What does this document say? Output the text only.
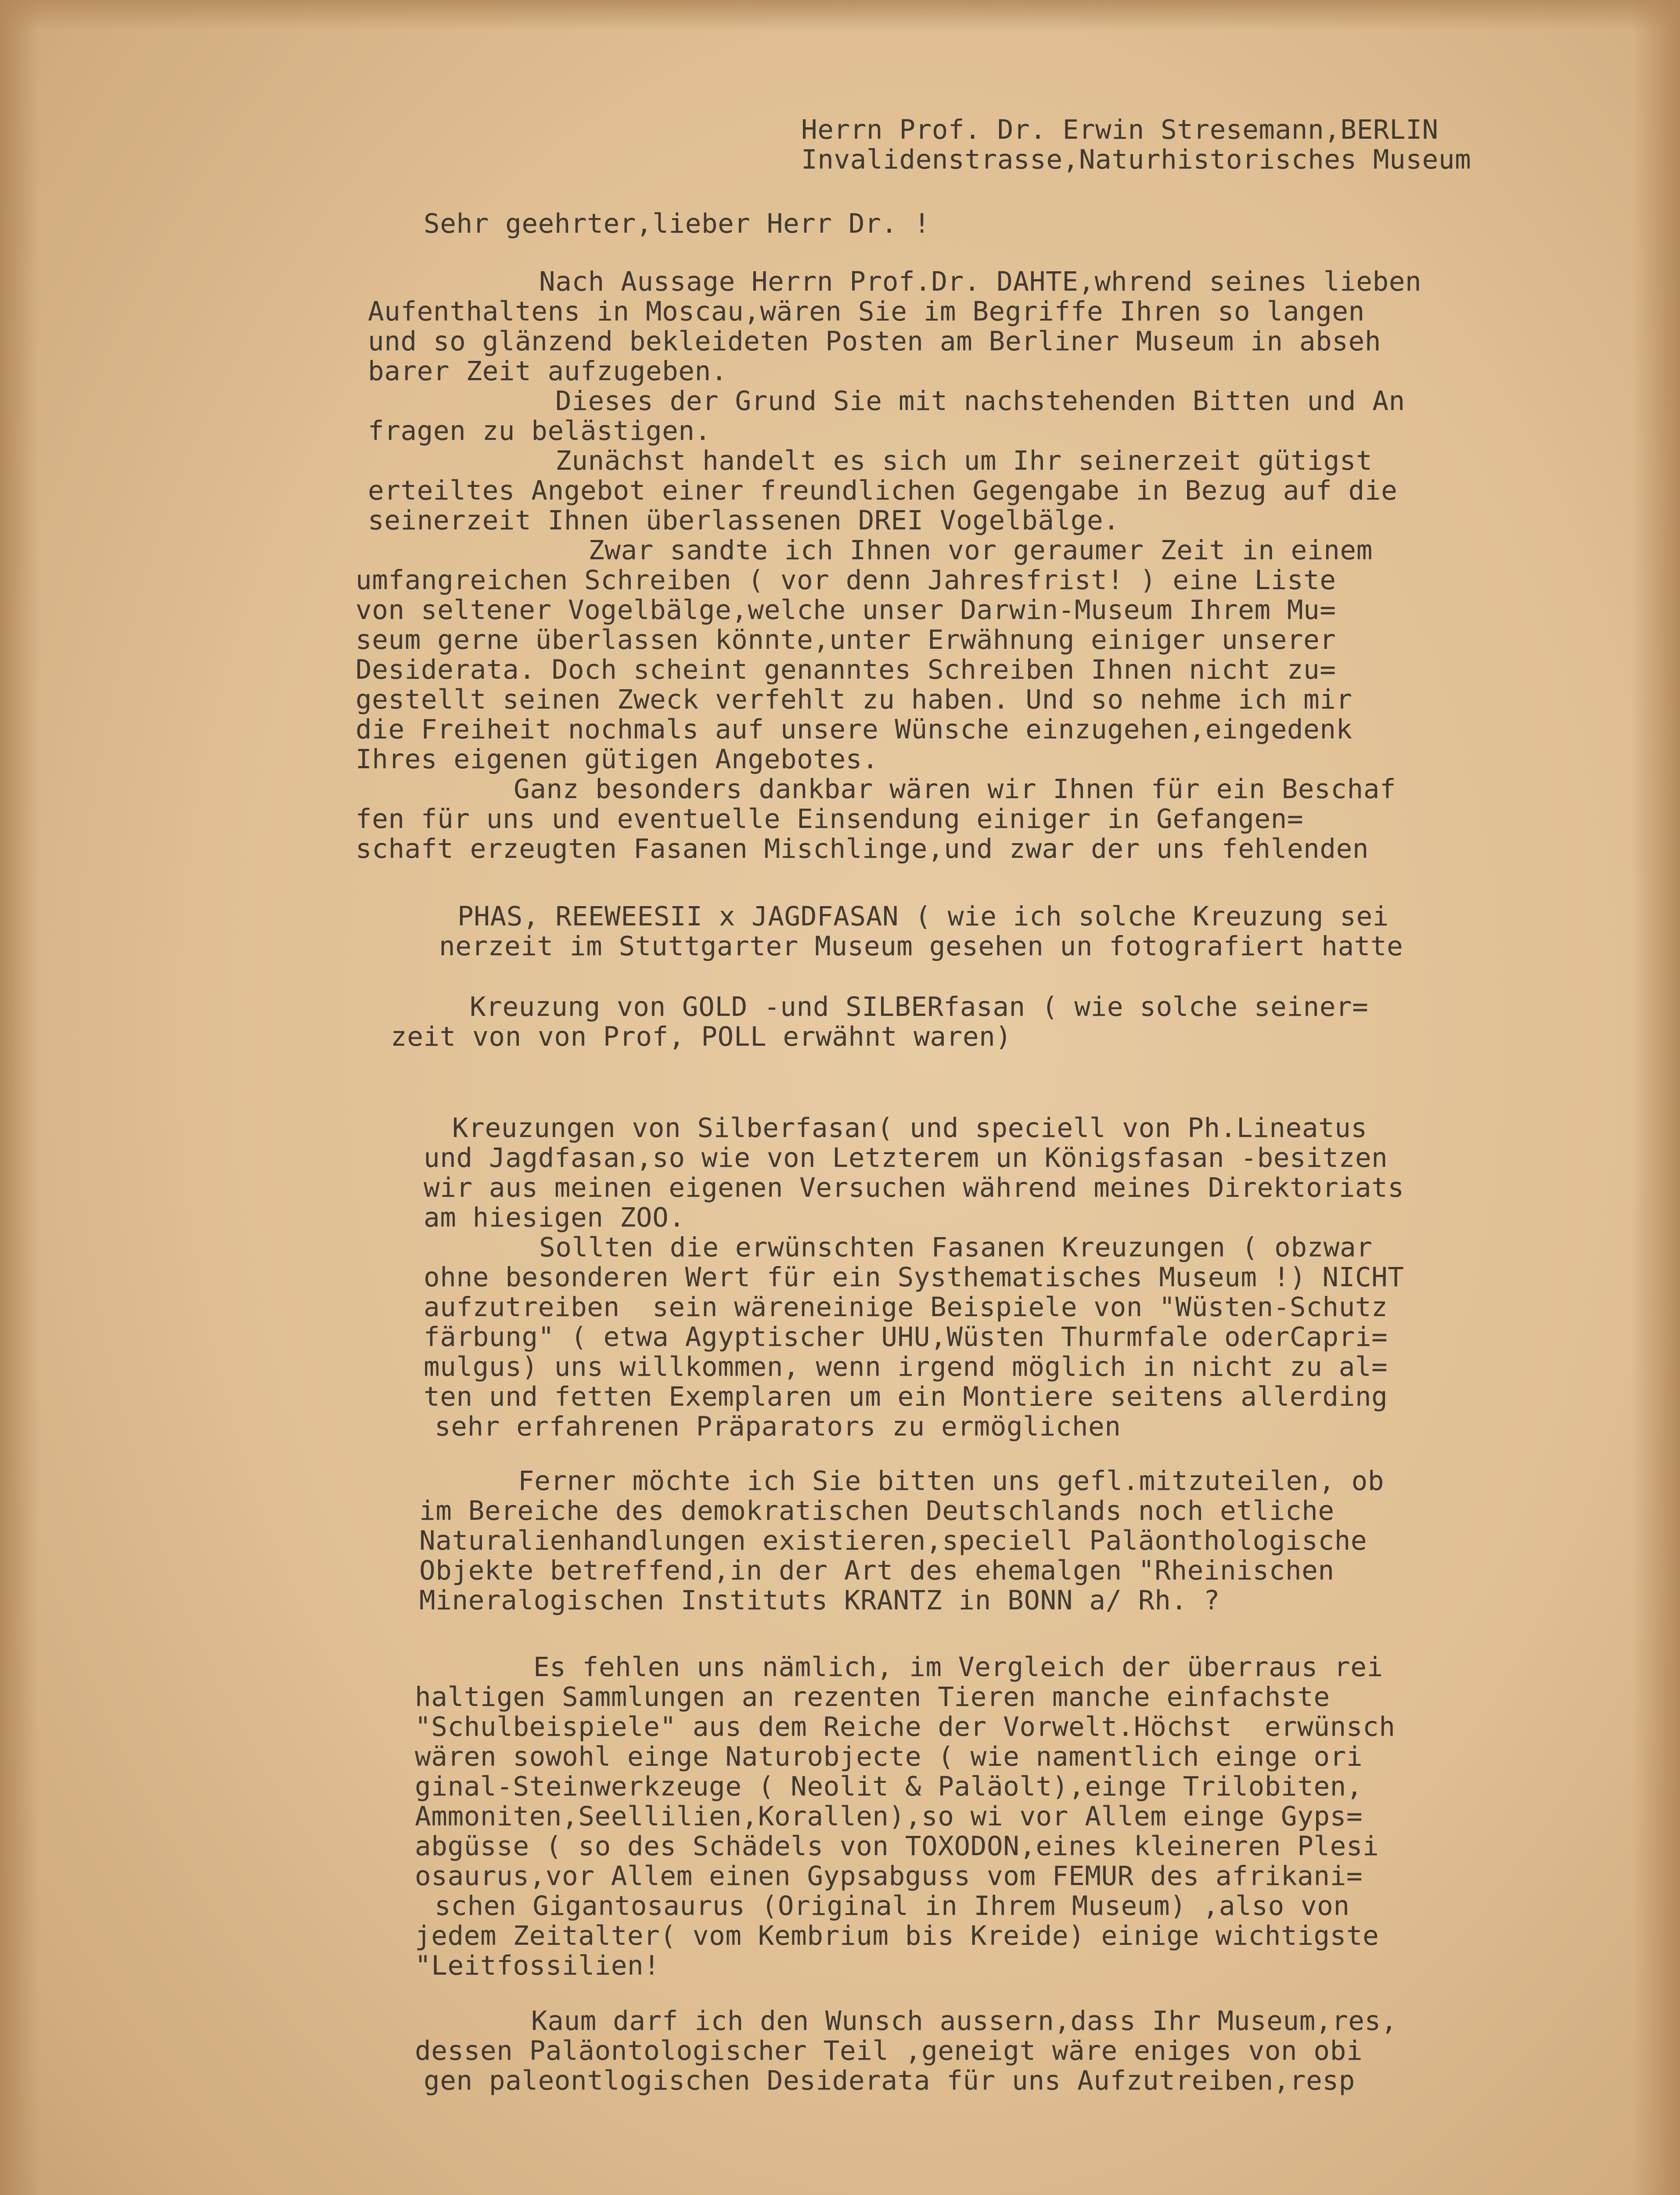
Herrn Prof. Dr. Erwin Stresemann,BERLIN
Invalidenstrasse,Naturhistorisches Museum
Sehr geehrter,lieber Herr Dr. !
Nach Aussage Herrn Prof.Dr. DAHTE,whrend seines lieben
Aufenthaltens in Moscau,wären Sie im Begriffe Ihren so langen
und so glänzend bekleideten Posten am Berliner Museum in abseh
barer Zeit aufzugeben.
Dieses der Grund Sie mit nachstehenden Bitten und An
fragen zu belästigen.
Zunächst handelt es sich um Ihr seinerzeit gütigst
erteiltes Angebot einer freundlichen Gegengabe in Bezug auf die
seinerzeit Ihnen überlassenen DREI Vogelbälge.
Zwar sandte ich Ihnen vor geraumer Zeit in einem
umfangreichen Schreiben ( vor denn Jahresfrist! ) eine Liste
von seltener Vogelbälge,welche unser Darwin-Museum Ihrem Mu=
seum gerne überlassen könnte,unter Erwähnung einiger unserer
Desiderata. Doch scheint genanntes Schreiben Ihnen nicht zu=
gestellt seinen Zweck verfehlt zu haben. Und so nehme ich mir
die Freiheit nochmals auf unsere Wünsche einzugehen,eingedenk
Ihres eigenen gütigen Angebotes.
Ganz besonders dankbar wären wir Ihnen für ein Beschaf
fen für uns und eventuelle Einsendung einiger in Gefangen=
schaft erzeugten Fasanen Mischlinge,und zwar der uns fehlenden
PHAS, REEWEESII x JAGDFASAN ( wie ich solche Kreuzung sei
nerzeit im Stuttgarter Museum gesehen un fotografiert hatte
Kreuzung von GOLD -und SILBERfasan ( wie solche seiner=
zeit von von Prof, POLL erwähnt waren)
Kreuzungen von Silberfasan( und speciell von Ph.Lineatus
und Jagdfasan,so wie von Letzterem un Königsfasan -besitzen
wir aus meinen eigenen Versuchen während meines Direktoriats
am hiesigen ZOO.
Sollten die erwünschten Fasanen Kreuzungen ( obzwar
ohne besonderen Wert für ein Systhematisches Museum !) NICHT
aufzutreiben  sein wäreneinige Beispiele von "Wüsten-Schutz
färbung" ( etwa Agyptischer UHU,Wüsten Thurmfale oderCapri=
mulgus) uns willkommen, wenn irgend möglich in nicht zu al=
ten und fetten Exemplaren um ein Montiere seitens allerding
sehr erfahrenen Präparators zu ermöglichen
Ferner möchte ich Sie bitten uns gefl.mitzuteilen, ob
im Bereiche des demokratischen Deutschlands noch etliche
Naturalienhandlungen existieren,speciell Paläonthologische
Objekte betreffend,in der Art des ehemalgen "Rheinischen
Mineralogischen Instituts KRANTZ in BONN a/ Rh. ?
Es fehlen uns nämlich, im Vergleich der überraus rei
haltigen Sammlungen an rezenten Tieren manche einfachste
"Schulbeispiele" aus dem Reiche der Vorwelt.Höchst  erwünsch
wären sowohl einge Naturobjecte ( wie namentlich einge ori
ginal-Steinwerkzeuge ( Neolit & Paläolt),einge Trilobiten,
Ammoniten,Seellilien,Korallen),so wi vor Allem einge Gyps=
abgüsse ( so des Schädels von TOXODON,eines kleineren Plesi
osaurus,vor Allem einen Gypsabguss vom FEMUR des afrikani=
schen Gigantosaurus (Original in Ihrem Museum) ,also von
jedem Zeitalter( vom Kembrium bis Kreide) einige wichtigste
"Leitfossilien!
Kaum darf ich den Wunsch aussern,dass Ihr Museum,res,
dessen Paläontologischer Teil ,geneigt wäre eniges von obi
gen paleontlogischen Desiderata für uns Aufzutreiben,resp
